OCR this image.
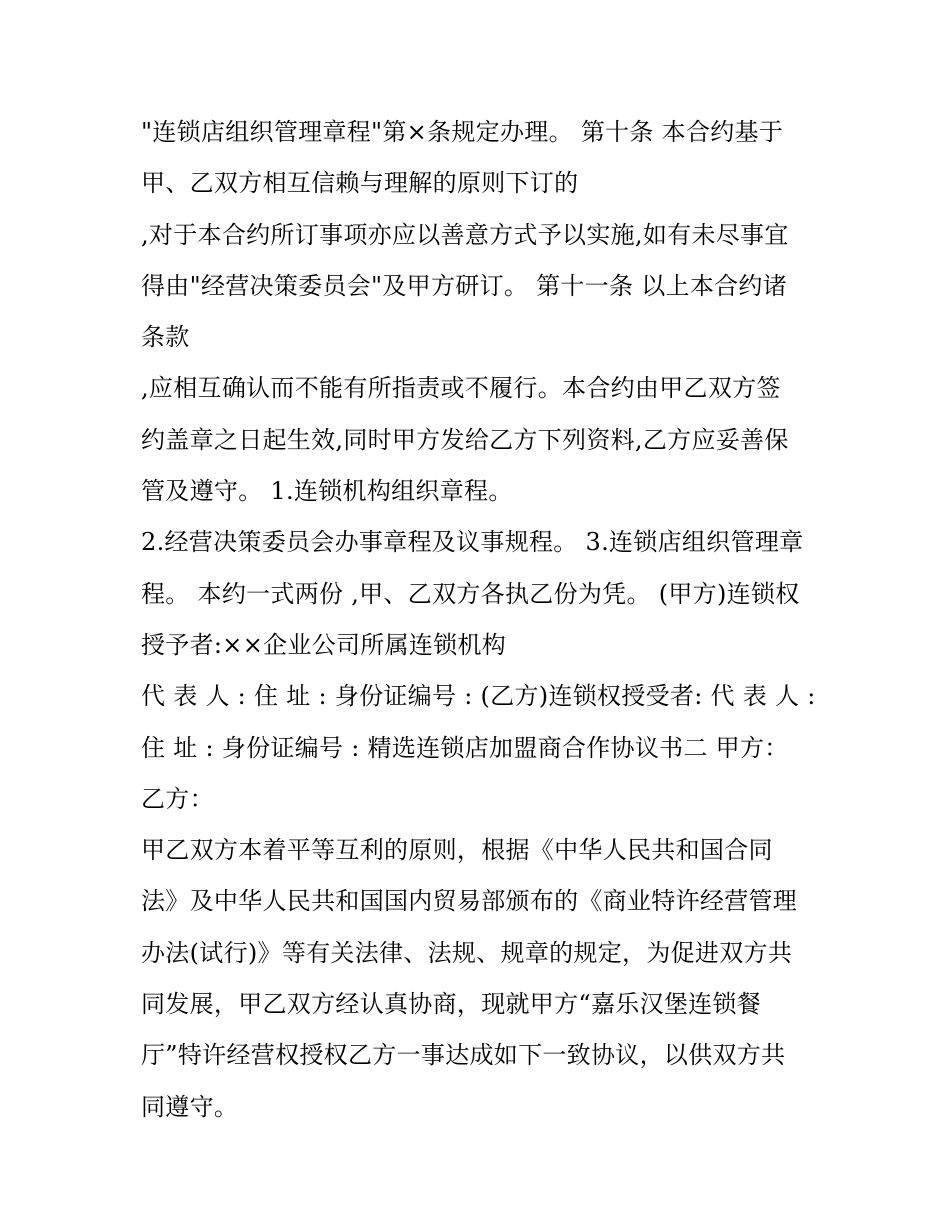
"连锁店组织管理章程"第×条规定办理。 第十条 本合约基于
甲、乙双方相互信赖与理解的原则下订的
,对于本合约所订事项亦应以善意方式予以实施,如有未尽事宜
得由"经营决策委员会"及甲方研订。 第十一条 以上本合约诸
条款
,应相互确认而不能有所指责或不履行。本合约由甲乙双方签
约盖章之日起生效,同时甲方发给乙方下列资料,乙方应妥善保
管及遵守。 1.连锁机构组织章程。
2.经营决策委员会办事章程及议事规程。 3.连锁店组织管理章
程。 本约一式两份 ,甲、乙双方各执乙份为凭。 (甲方)连锁权
授予者:××企业公司所属连锁机构
代 表 人 : 住 址 : 身份证编号 : (乙方)连锁权授受者: 代 表 人 :
住 址 : 身份证编号 : 精选连锁店加盟商合作协议书二 甲方：
乙方：
甲乙双方本着平等互利的原则，根据《中华人民共和国合同
法》及中华人民共和国国内贸易部颁布的《商业特许经营管理
办法(试行)》等有关法律、法规、规章的规定，为促进双方共
同发展，甲乙双方经认真协商，现就甲方“嘉乐汉堡连锁餐
厅”特许经营权授权乙方一事达成如下一致协议，以供双方共
同遵守。
